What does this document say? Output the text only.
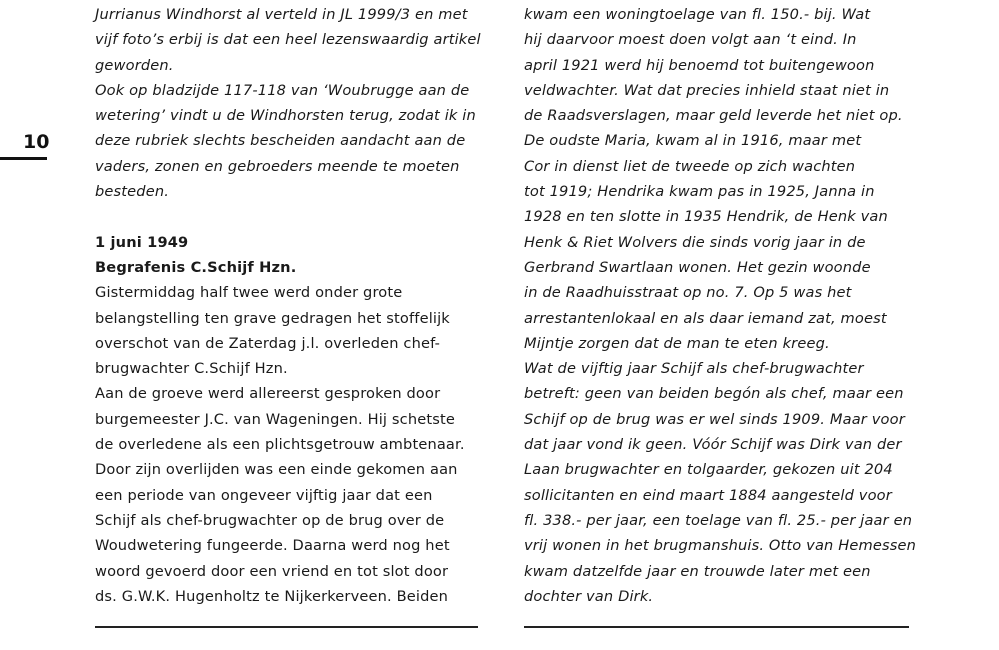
10
Jurrianus Windhorst al verteld in JL 1999/3 en met
vijf foto’s erbij is dat een heel lezenswaardig artikel
geworden.
Ook op bladzijde 117-118 van ‘Woubrugge aan de
wetering’ vindt u de Windhorsten terug, zodat ik in
deze rubriek slechts bescheiden aandacht aan de
vaders, zonen en gebroeders meende te moeten
besteden.
1 juni 1949
Begrafenis C.Schijf Hzn.
Gistermiddag half twee werd onder grote
belangstelling ten grave gedragen het stoffelijk
overschot van de Zaterdag j.l. overleden chef-
brugwachter C.Schijf Hzn.
Aan de groeve werd allereerst gesproken door
burgemeester J.C. van Wageningen. Hij schetste
de overledene als een plichtsgetrouw ambtenaar.
Door zijn overlijden was een einde gekomen aan
een periode van ongeveer vijftig jaar dat een
Schijf als chef-brugwachter op de brug over de
Woudwetering fungeerde. Daarna werd nog het
woord gevoerd door een vriend en tot slot door
ds. G.W.K. Hugenholtz te Nijkerkerveen. Beiden
kwam een woningtoelage van fl. 150.- bij. Wat
hij daarvoor moest doen volgt aan ‘t eind. In
april 1921 werd hij benoemd tot buitengewoon
veldwachter. Wat dat precies inhield staat niet in
de Raadsverslagen, maar geld leverde het niet op.
De oudste Maria, kwam al in 1916, maar met
Cor in dienst liet de tweede op zich wachten
tot 1919; Hendrika kwam pas in 1925, Janna in
1928 en ten slotte in 1935 Hendrik, de Henk van
Henk & Riet Wolvers die sinds vorig jaar in de
Gerbrand Swartlaan wonen. Het gezin woonde
in de Raadhuisstraat op no. 7. Op 5 was het
arrestantenlokaal en als daar iemand zat, moest
Mijntje zorgen dat de man te eten kreeg.
Wat de vijftig jaar Schijf als chef-brugwachter
betreft: geen van beiden begón als chef, maar een
Schijf op de brug was er wel sinds 1909. Maar voor
dat jaar vond ik geen. Vóór Schijf was Dirk van der
Laan brugwachter en tolgaarder, gekozen uit 204
sollicitanten en eind maart 1884 aangesteld voor
fl. 338.- per jaar, een toelage van fl. 25.- per jaar en
vrij wonen in het brugmanshuis. Otto van Hemessen
kwam datzelfde jaar en trouwde later met een
dochter van Dirk.
